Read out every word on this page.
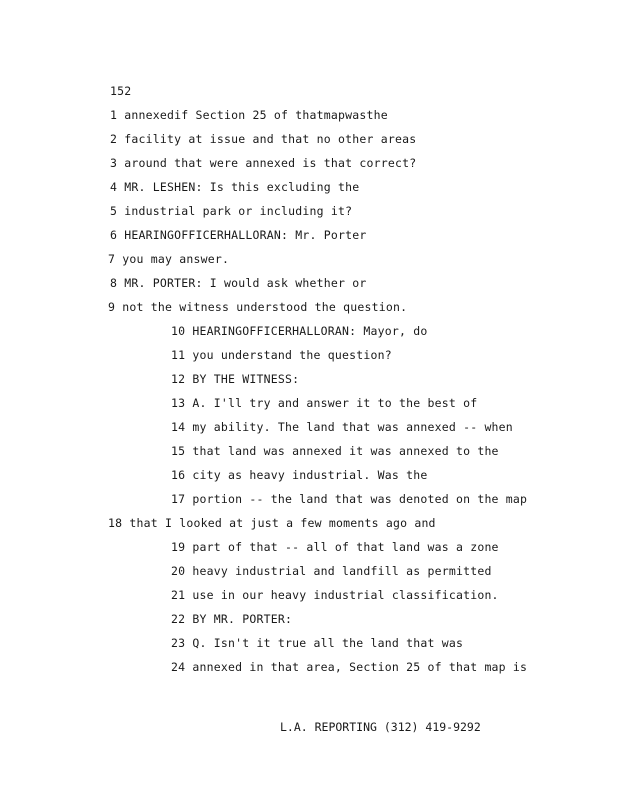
152
1 annexedif Section 25 of thatmapwasthe
2 facility at issue and that no other areas
3 around that were annexed is that correct?
4 MR. LESHEN: Is this excluding the
5 industrial park or including it?
6 HEARINGOFFICERHALLORAN: Mr. Porter
7 you may answer.
8 MR. PORTER: I would ask whether or
9 not the witness understood the question.
10 HEARINGOFFICERHALLORAN: Mayor, do
11 you understand the question?
12 BY THE WITNESS:
13 A. I'll try and answer it to the best of
14 my ability. The land that was annexed -- when
15 that land was annexed it was annexed to the
16 city as heavy industrial. Was the
17 portion -- the land that was denoted on the map
18 that I looked at just a few moments ago and
19 part of that -- all of that land was a zone
20 heavy industrial and landfill as permitted
21 use in our heavy industrial classification.
22 BY MR. PORTER:
23 Q. Isn't it true all the land that was
24 annexed in that area, Section 25 of that map is
L.A. REPORTING (312) 419-9292
